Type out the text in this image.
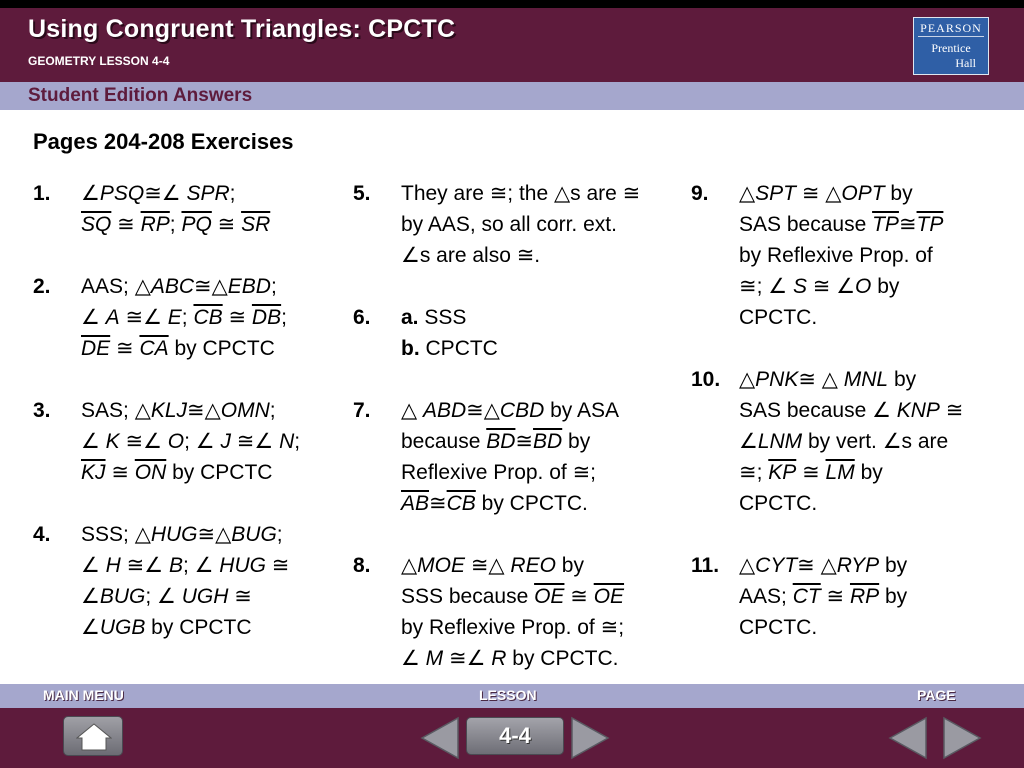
Using Congruent Triangles: CPCTC
GEOMETRY LESSON 4-4
PEARSON
Prentice
Hall
Student Edition Answers
Pages 204-208 Exercises
1. ∠PSQ≅∠ SPR;
$\overline{SQ}$ ≅ $\overline{RP}$; $\overline{PQ}$ ≅ $\overline{SR}$
2. AAS; △ABC≅△EBD;
∠ A ≅∠ E; $\overline{CB}$ ≅ $\overline{DB}$;
$\overline{DE}$ ≅ $\overline{CA}$ by CPCTC
3. SAS; △KLJ≅△OMN;
∠ K ≅∠ O; ∠ J ≅∠ N;
$\overline{KJ}$ ≅ $\overline{ON}$ by CPCTC
4. SSS; △HUG≅△BUG;
∠ H ≅∠ B; ∠ HUG ≅
∠BUG; ∠ UGH ≅
∠UGB by CPCTC
5. They are ≅; the △s are ≅
by AAS, so all corr. ext.
∠s are also ≅.
6. a. SSS
b. CPCTC
7. △ ABD≅△CBD by ASA
because $\overline{BD}≅\overline{BD}$ by
Reflexive Prop. of ≅;
$\overline{AB}≅\overline{CB}$ by CPCTC.
8. △MOE ≅△ REO by
SSS because $\overline{OE}$ ≅ $\overline{OE}$
by Reflexive Prop. of ≅;
∠ M ≅∠ R by CPCTC.
9. △SPT ≅ △OPT by
SAS because $\overline{TP}≅\overline{TP}$
by Reflexive Prop. of
≅; ∠ S ≅ ∠O by
CPCTC.
10. △PNK≅ △ MNL by
SAS because ∠ KNP ≅
∠LNM by vert. ∠s are
≅; $\overline{KP}$ ≅ $\overline{LM}$ by
CPCTC.
11. △CYT≅ △RYP by
AAS; $\overline{CT}$ ≅ $\overline{RP}$ by
CPCTC.
MAIN MENU	LESSON	PAGE
4-4
